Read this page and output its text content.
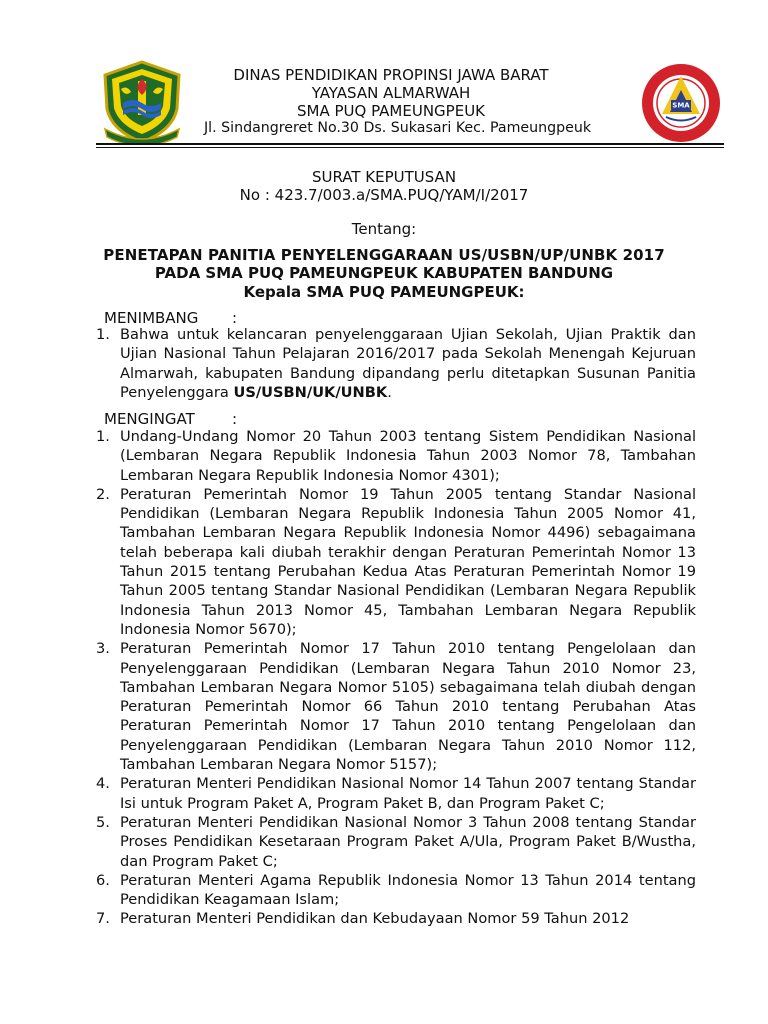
SMA
DINAS PENDIDIKAN PROPINSI JAWA BARAT
YAYASAN ALMARWAH
SMA PUQ PAMEUNGPEUK
Jl. Sindangreret No.30 Ds. Sukasari Kec. Pameungpeuk
SURAT KEPUTUSAN
No : 423.7/003.a/SMA.PUQ/YAM/I/2017
Tentang:
PENETAPAN PANITIA PENYELENGGARAAN US/USBN/UP/UNBK 2017
PADA SMA PUQ PAMEUNGPEUK KABUPATEN BANDUNG
Kepala SMA PUQ PAMEUNGPEUK:
MENIMBANG :
1. Bahwa untuk kelancaran penyelenggaraan Ujian Sekolah, Ujian Praktik dan Ujian Nasional Tahun Pelajaran 2016/2017 pada Sekolah Menengah Kejuruan Almarwah, kabupaten Bandung dipandang perlu ditetapkan Susunan Panitia Penyelenggara US/USBN/UK/UNBK.
MENGINGAT :
1. Undang-Undang Nomor 20 Tahun 2003 tentang Sistem Pendidikan Nasional (Lembaran Negara Republik Indonesia Tahun 2003 Nomor 78, Tambahan Lembaran Negara Republik Indonesia Nomor 4301);
2. Peraturan Pemerintah Nomor 19 Tahun 2005 tentang Standar Nasional Pendidikan (Lembaran Negara Republik Indonesia Tahun 2005 Nomor 41, Tambahan Lembaran Negara Republik Indonesia Nomor 4496) sebagaimana telah beberapa kali diubah terakhir dengan Peraturan Pemerintah Nomor 13 Tahun 2015 tentang Perubahan Kedua Atas Peraturan Pemerintah Nomor 19 Tahun 2005 tentang Standar Nasional Pendidikan (Lembaran Negara Republik Indonesia Tahun 2013 Nomor 45, Tambahan Lembaran Negara Republik Indonesia Nomor 5670);
3. Peraturan Pemerintah Nomor 17 Tahun 2010 tentang Pengelolaan dan Penyelenggaraan Pendidikan (Lembaran Negara Tahun 2010 Nomor 23, Tambahan Lembaran Negara Nomor 5105) sebagaimana telah diubah dengan Peraturan Pemerintah Nomor 66 Tahun 2010 tentang Perubahan Atas Peraturan Pemerintah Nomor 17 Tahun 2010 tentang Pengelolaan dan Penyelenggaraan Pendidikan (Lembaran Negara Tahun 2010 Nomor 112, Tambahan Lembaran Negara Nomor 5157);
4. Peraturan Menteri Pendidikan Nasional Nomor 14 Tahun 2007 tentang Standar Isi untuk Program Paket A, Program Paket B, dan Program Paket C;
5. Peraturan Menteri Pendidikan Nasional Nomor 3 Tahun 2008 tentang Standar Proses Pendidikan Kesetaraan Program Paket A/Ula, Program Paket B/Wustha, dan Program Paket C;
6. Peraturan Menteri Agama Republik Indonesia Nomor 13 Tahun 2014 tentang Pendidikan Keagamaan Islam;
7. Peraturan Menteri Pendidikan dan Kebudayaan Nomor 59 Tahun 2012
